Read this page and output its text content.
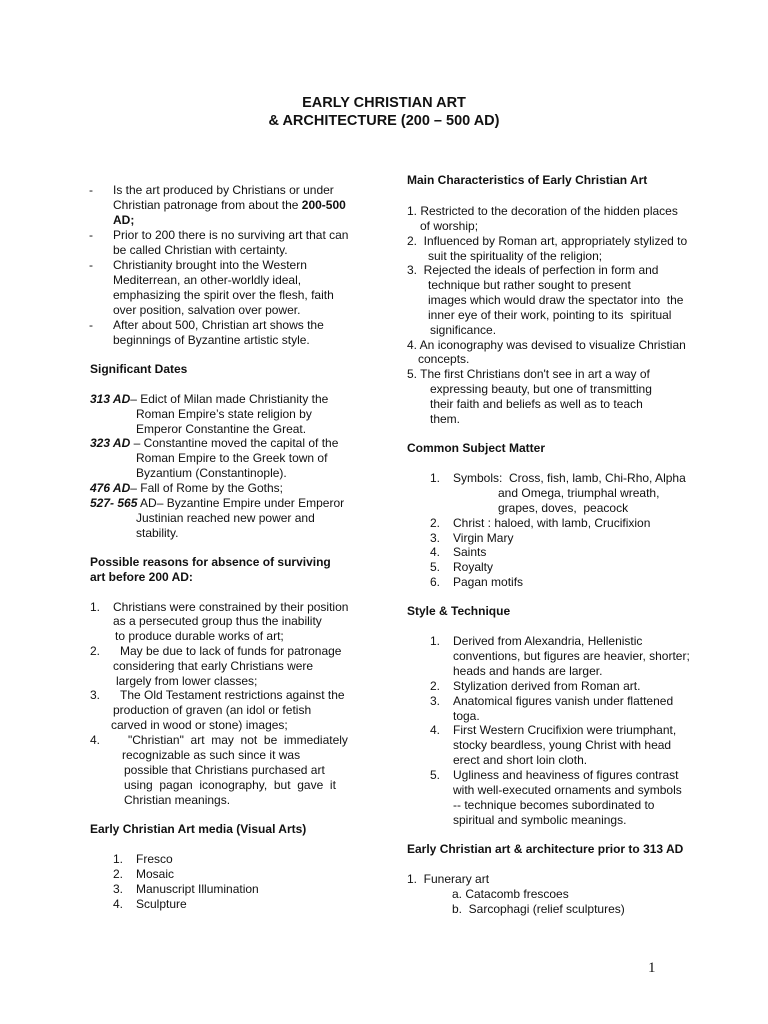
EARLY CHRISTIAN ART
& ARCHITECTURE (200 – 500 AD)
- Is the art produced by Christians or under
Christian patronage from about the 200-500
AD;
- Prior to 200 there is no surviving art that can
be called Christian with certainty.
- Christianity brought into the Western
Mediterrean, an other-worldly ideal,
emphasizing the spirit over the flesh, faith
over position, salvation over power.
- After about 500, Christian art shows the
beginnings of Byzantine artistic style.
Significant Dates
313 AD– Edict of Milan made Christianity the
Roman Empire’s state religion by
Emperor Constantine the Great.
323 AD – Constantine moved the capital of the
Roman Empire to the Greek town of
Byzantium (Constantinople).
476 AD– Fall of Rome by the Goths;
527- 565 AD– Byzantine Empire under Emperor
Justinian reached new power and
stability.
Possible reasons for absence of surviving
art before 200 AD:
1. Christians were constrained by their position
as a persecuted group thus the inability
to produce durable works of art;
2. May be due to lack of funds for patronage
considering that early Christians were
largely from lower classes;
3. The Old Testament restrictions against the
production of graven (an idol or fetish
carved in wood or stone) images;
4. "Christian"  art  may  not  be  immediately
recognizable as such since it was
possible that Christians purchased art
using  pagan  iconography,  but  gave  it
Christian meanings.
Early Christian Art media (Visual Arts)
1. Fresco
2. Mosaic
3. Manuscript Illumination
4. Sculpture
Main Characteristics of Early Christian Art
1. Restricted to the decoration of the hidden places
of worship;
2.  Influenced by Roman art, appropriately stylized to
suit the spirituality of the religion;
3.  Rejected the ideals of perfection in form and
technique but rather sought to present
images which would draw the spectator into  the
inner eye of their work, pointing to its  spiritual
significance.
4. An iconography was devised to visualize Christian
concepts.
5. The first Christians don't see in art a way of
expressing beauty, but one of transmitting
their faith and beliefs as well as to teach
them.
Common Subject Matter
1. Symbols:  Cross, fish, lamb, Chi-Rho, Alpha
and Omega, triumphal wreath,
grapes, doves,  peacock
2. Christ : haloed, with lamb, Crucifixion
3. Virgin Mary
4. Saints
5. Royalty
6. Pagan motifs
Style & Technique
1. Derived from Alexandria, Hellenistic
conventions, but figures are heavier, shorter;
heads and hands are larger.
2. Stylization derived from Roman art.
3. Anatomical figures vanish under flattened
toga.
4. First Western Crucifixion were triumphant,
stocky beardless, young Christ with head
erect and short loin cloth.
5. Ugliness and heaviness of figures contrast
with well-executed ornaments and symbols
-- technique becomes subordinated to
spiritual and symbolic meanings.
Early Christian art & architecture prior to 313 AD
1.  Funerary art
a. Catacomb frescoes
b.  Sarcophagi (relief sculptures)
1
